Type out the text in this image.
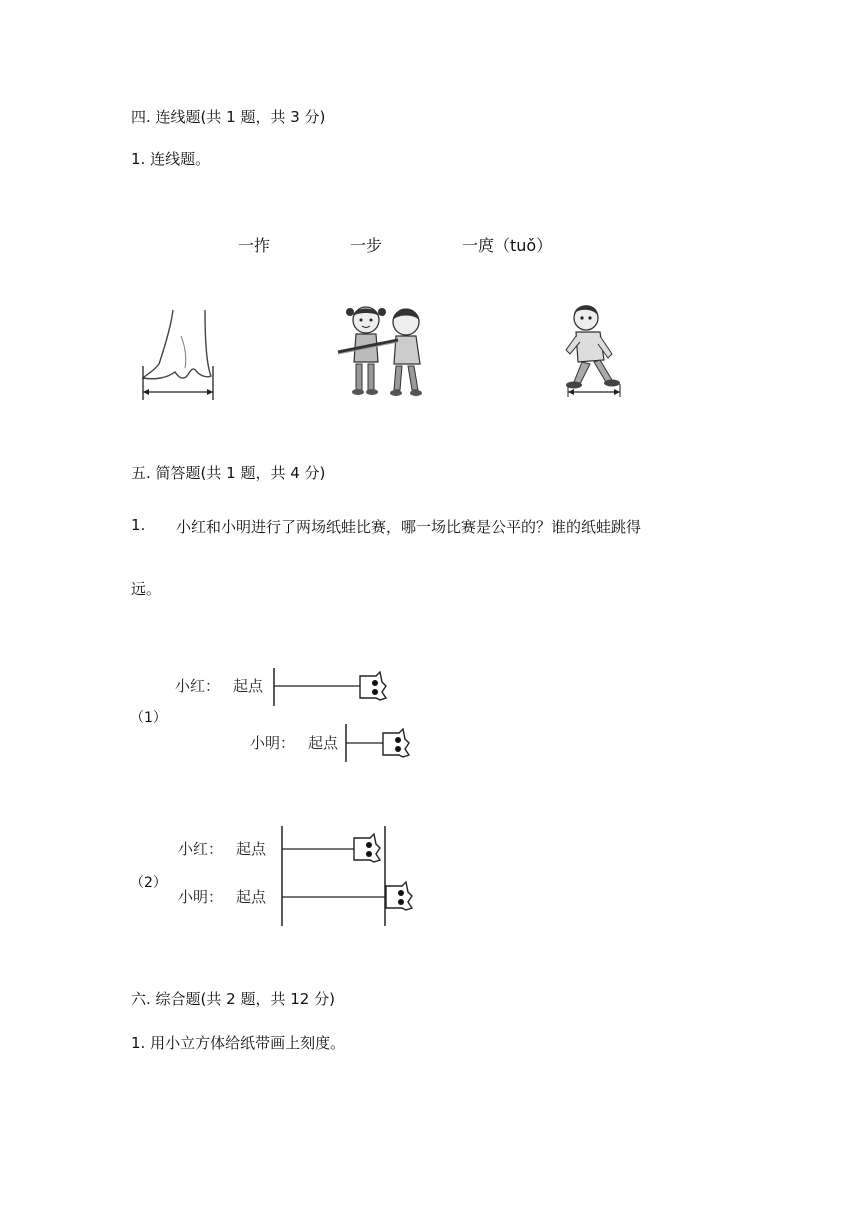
四. 连线题(共 1 题，共 3 分)
1. 连线题。
一拃	一步	一庹（tuǒ）
五. 简答题(共 1 题，共 4 分)
1. 小红和小明进行了两场纸蛙比赛，哪一场比赛是公平的？谁的纸蛙跳得
远。
（1）
小红： 起点
小明： 起点
（2）
小红： 起点
小明： 起点
六. 综合题(共 2 题，共 12 分)
1. 用小立方体给纸带画上刻度。
